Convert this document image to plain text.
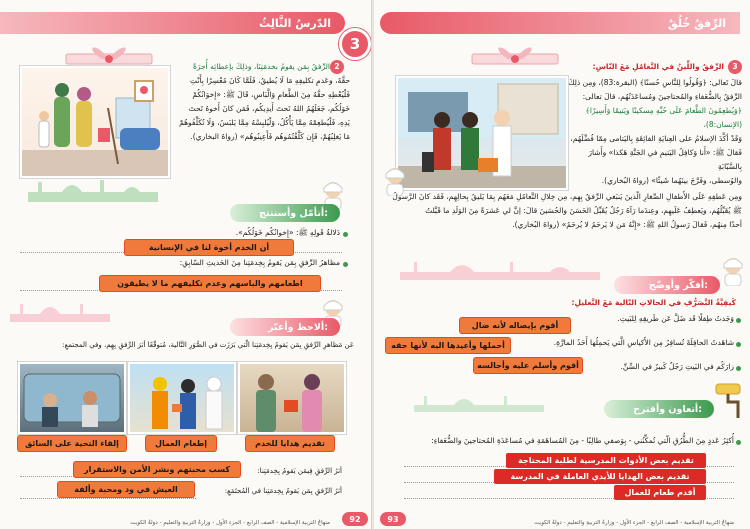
الدّرسُ الثَّالِثُ
3
2
الرِّفقُ بِمَن يقومُ بخدمَتِنَا، وذلِكَ بإعطائِه أُجرَةً
حقَّهُ، وعَدمِ تكليفِهِ مَا لَا يُطيقُ، فَلَمَّا كَانَ مُعْسِرًا بِأَنْتِ
فَلْيُعْطِهِ حقَّهُ مِنَ الطَّعامِ وَالَّبَاسِ، قَالَ ﷺ: «إِخوَانُكُمْ
خَوَلُكُم، جَعَلَهُمُ اللهُ تَحتَ أَيدِيكُم، فَمَن كانَ أَخوهُ تَحتَ
يَدِهِ، فَلْيُطعِمْهُ مِمَّا يَأْكُلُ، وَلْيُلبِسْهُ مِمَّا يَلبَسُ، وَلَا تُكَلِّفُوهُمْ
مَا يَغلِبُهُمْ، فَإِن كَلَّفْتُمُوهُم فَأَعِينُوهُم» (رواهُ البخاري).
أتأمّل وأستنتج:
دَلالةُ قَولِهِ ﷺ: «إِخوانُكُم خَوَلُكُم».
أن الخدم أخوة لنا في الإنسانية
مظاهرُ الرِّفقِ بِمَن يَقومُ بِخِدمَتِنا مِنَ الحَديثِ السّابِقِ:
اطعامهم والباسهم وعدم تكليفهم ما لا يطيقون
ألاحظ وأعبّر:
عَن مَظاهرِ الرِّفقِ بِمَن يَقومُ بِخِدمَتِنا الّتي بَرَزَت في الصُّوَرِ التَّالية، مُتوقّعًا أثرَ الرِّفقِ بِهِم، وفي المجتمعِ:
تقديم هدايا للخدم
إطعام العمال
إلقاء التحية على السائق
أثرُ الرِّفقِ فِيمَن يَقومُ بِخِدمَتِنا:
كسب محبتهم ونشر الأمن والاستقرار
أثرُ الرِّفقِ بِمَن يَقومُ بِخِدمَتِنا في المُجتَمَعِ:
العيش في ود ومحبة وألفة
92
منهاجُ التربية الإسلامية - الصف الرابع - الجزء الأول - وزارةُ التربيةِ والتعليمِ - دولةُ الكويت
الرِّفقُ خُلُقٌ
3
الرِّفقُ واللِّينُ في التَّعامُلِ مَعَ النّاسِ:
قالَ تَعالى: ﴿وَقُولُوا لِلنَّاسِ حُسنًا﴾ (البقرة:83)، ومِن ذلِكَ
الرِّفقُ بِالضُّعَفاءِ والمُحتاجينَ ومُساعَدَتُهُم، قالَ تعالى:
﴿وَيُطعِمُونَ الطَّعامَ عَلَى حُبِّهِ مِسكينًا ويَتيمًا وَأَسِيرًا﴾ (الإنسان:8)،
وَقَدْ أكَّدَ الإسلامُ على العِنايَةِ الفائِقَةِ بِاليَتامى مِمّا فُضِّلَهُم،
فَقالَ ﷺ: «أَنا وَكافِلُ اليَتيمِ في الجَنَّةِ هَكذا» وأَشارَ بِالسَّبّابَةِ
والوُسطى، وفَرَّجَ بينَهُما شَيئًا» (رواهُ البُخاري).
ومِن عَطفِهِ عَلَى الأَطفالِ الصِّغارِ الّذينَ يَنبَغي الرِّفقُ بِهِم، مِن خِلالِ التَّعامُلِ مَعَهُم بِمَا يَليقُ بِحالِهِم، فَقَد كانَ الرَّسولُ
ﷺ يُقَبِّلُهُم، ويَعطِفُ عَلَيهِم، وعِندَما رَآهُ رَجُلٌ يُقَبِّلُ الحَسَنَ والحُسَينَ قالَ: إنَّ لي عَشرَةً مِنَ الوَلَدِ ما قَبَّلتُ
أحدًا مِنهُم، فَقالَ رَسولُ اللهِ ﷺ: «إِنَّهُ مَن لا يَرحَمُ لا يُرحَمُ» (رواهُ البُخاري).
أفكّر وأوضّح:
كَيفِيَّةُ التَّصَرُّفِ في الحالاتِ التّالية مَعَ التَّعليلِ:
وَجَدتُ طِفلًا قَد ضَلَّ عَن طَريقِهِ لِلبَيتِ.
أقوم بإيصاله لأنه ضال
شاهَدتُ الحافِلَةَ تُسافِرُ مِن الأَكياسِ الَّتي يَحمِلُها أَحَدُ المارَّةِ.
أحملها وأعيدها اليه لأنها حقه
زارَكُم في البَيتِ رَجُلٌ كَبيرٌ في السِّنِّ.
أقوم وأسلم عليه وأجالسه
أتعاون وأقترح:
أُكثِرُ عَددٍ مِنَ الطُّرُقِ الّتي تُمكِّنُني - بِوَصفي طالِبًا - مِنَ المُساهَمَةِ في مُساعَدَةِ المُحتاجينَ والضُّعَفاءِ:
تقديم بعض الأدوات المدرسية لطلبة المحتاجة
تقديم بعض الهدايا للأيدي العاملة في المدرسة
أقدم طعام للعمال
93	منهاجُ التربية الإسلامية - الصف الرابع - الجزء الأول - وزارةُ التربيةِ والتعليمِ - دولةُ الكويت
